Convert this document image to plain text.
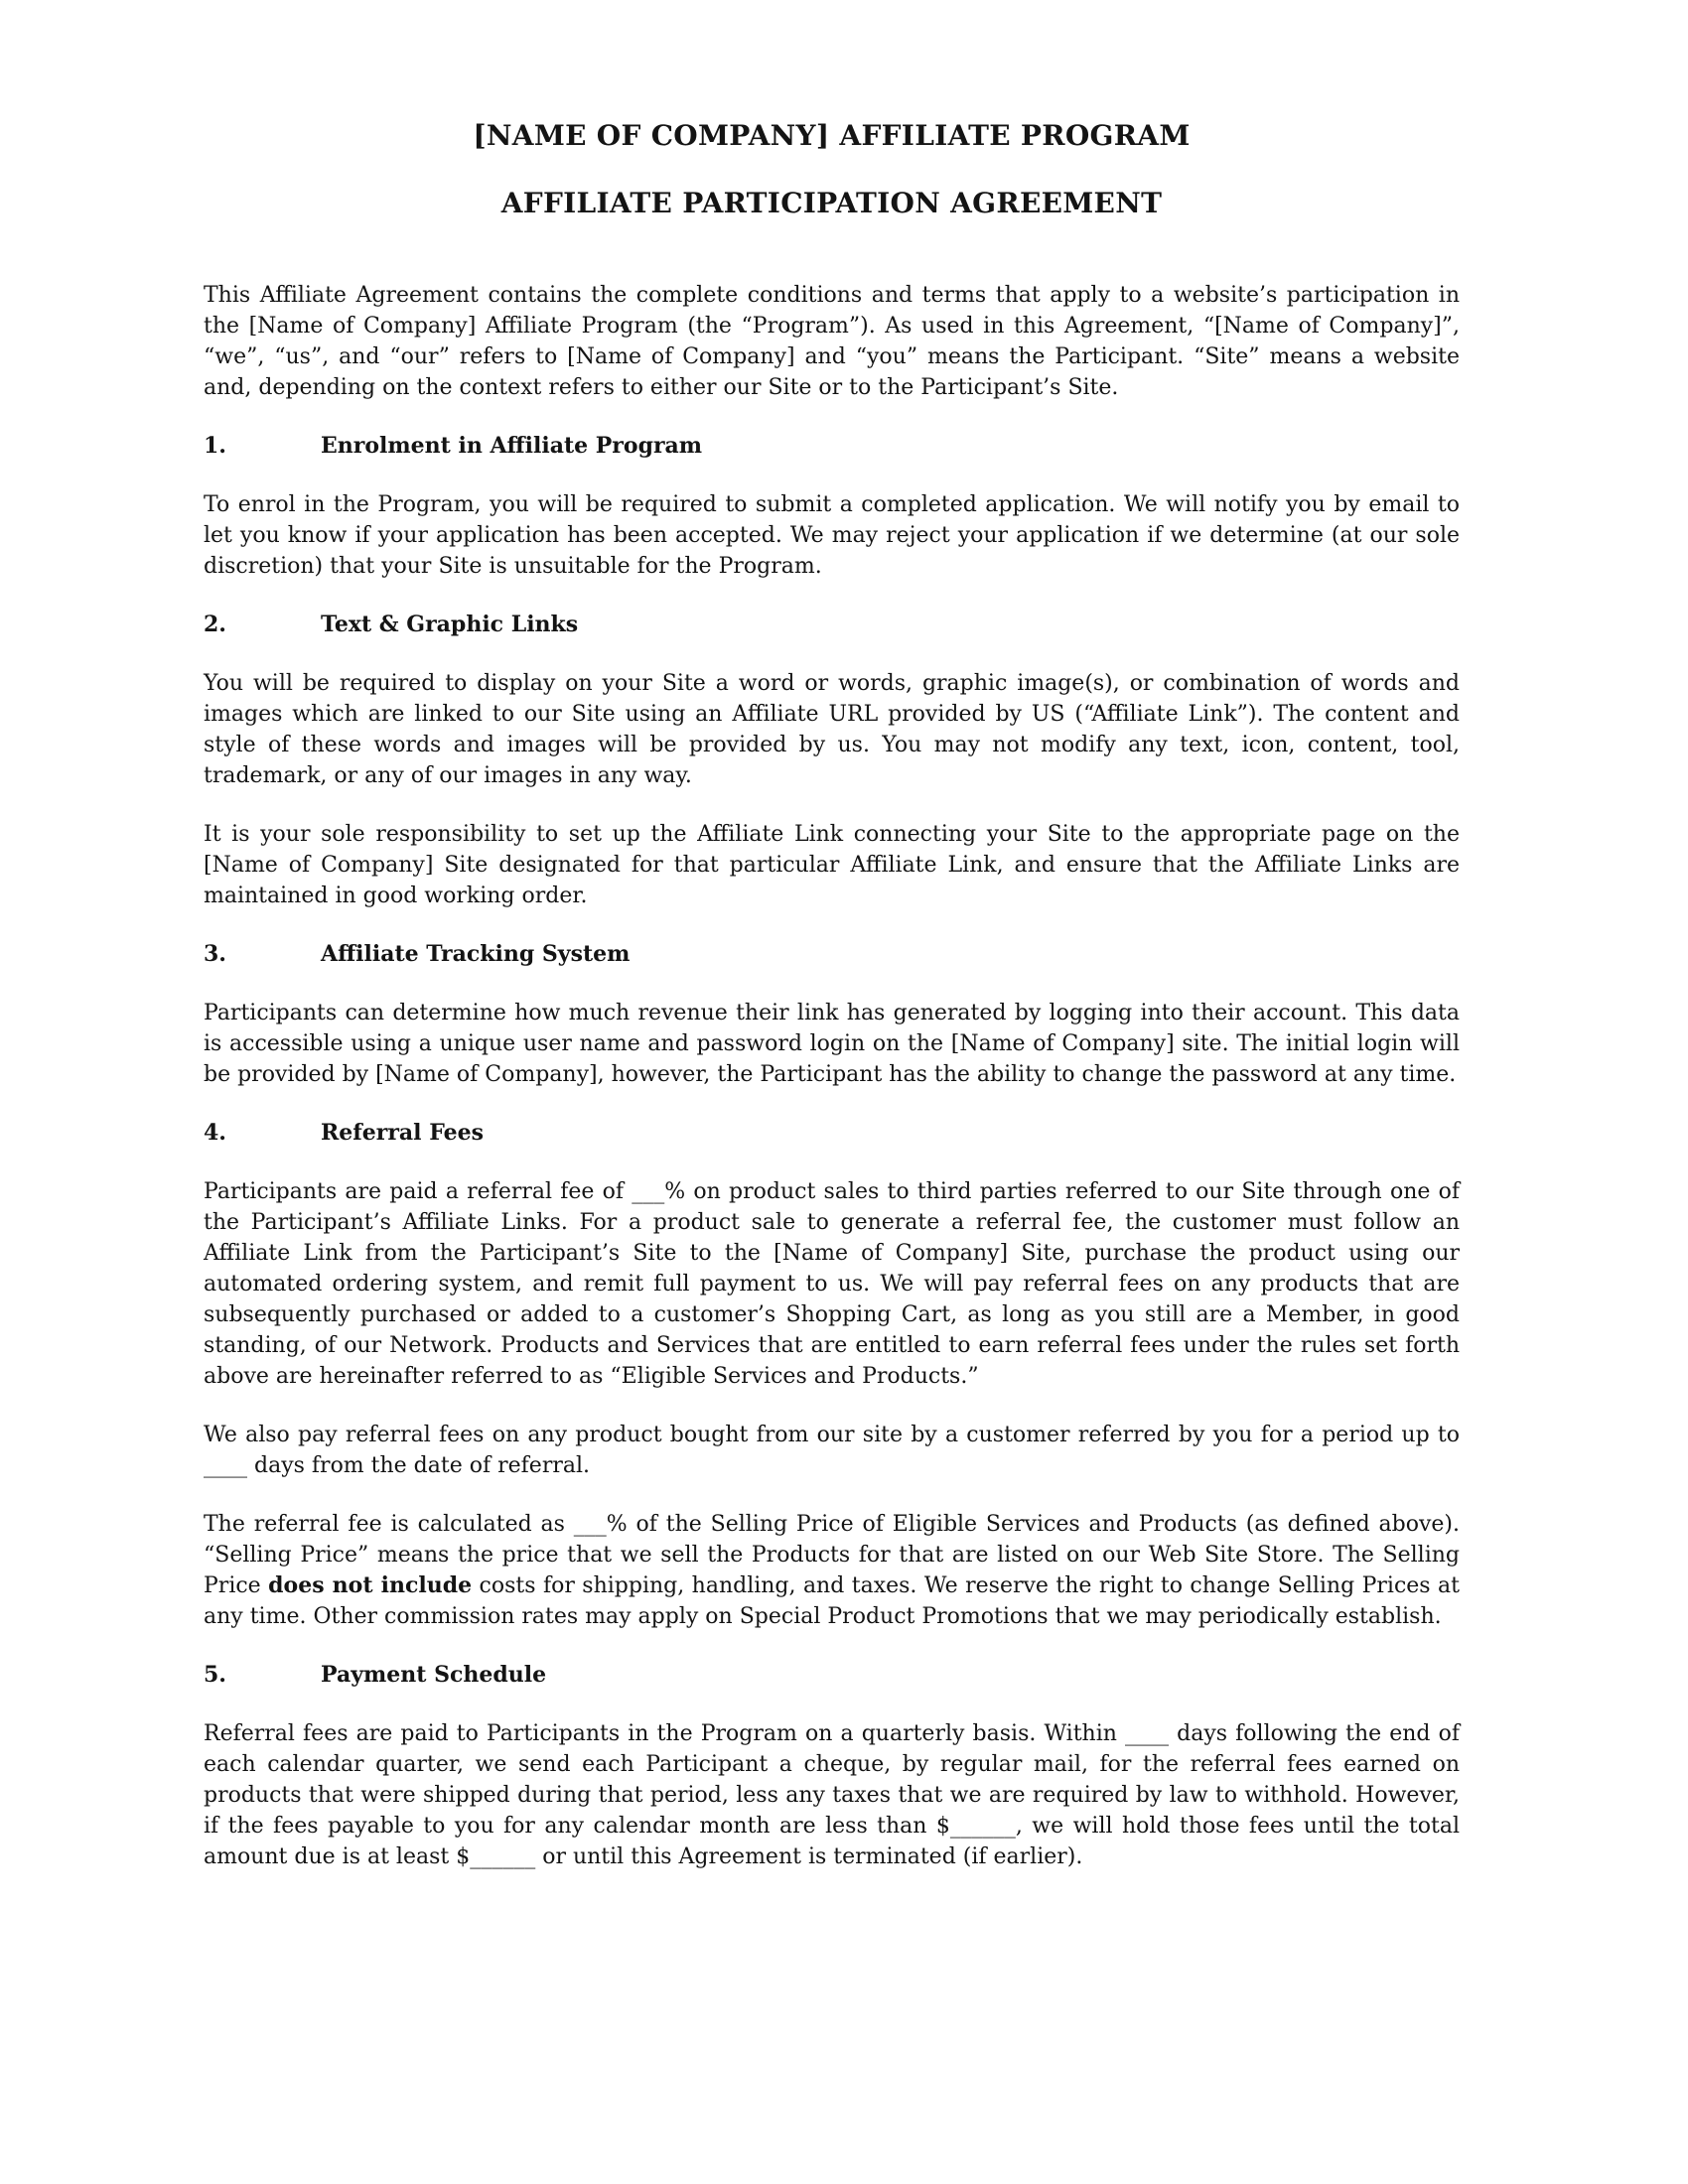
[NAME OF COMPANY] AFFILIATE PROGRAM
AFFILIATE PARTICIPATION AGREEMENT

This Affiliate Agreement contains the complete conditions and terms that apply to a website’s participation in the [Name of Company] Affiliate Program (the “Program”). As used in this Agreement, “[Name of Company]”, “we”, “us”, and “our” refers to [Name of Company] and “you” means the Participant. “Site” means a website and, depending on the context refers to either our Site or to the Participant’s Site.

1.	Enrolment in Affiliate Program

To enrol in the Program, you will be required to submit a completed application. We will notify you by email to let you know if your application has been accepted. We may reject your application if we determine (at our sole discretion) that your Site is unsuitable for the Program.

2.	Text & Graphic Links

You will be required to display on your Site a word or words, graphic image(s), or combination of words and images which are linked to our Site using an Affiliate URL provided by US (“Affiliate Link”). The content and style of these words and images will be provided by us. You may not modify any text, icon, content, tool, trademark, or any of our images in any way.

It is your sole responsibility to set up the Affiliate Link connecting your Site to the appropriate page on the [Name of Company] Site designated for that particular Affiliate Link, and ensure that the Affiliate Links are maintained in good working order.

3.	Affiliate Tracking System

Participants can determine how much revenue their link has generated by logging into their account. This data is accessible using a unique user name and password login on the [Name of Company] site. The initial login will be provided by [Name of Company], however, the Participant has the ability to change the password at any time.

4.	Referral Fees

Participants are paid a referral fee of ___% on product sales to third parties referred to our Site through one of the Participant’s Affiliate Links. For a product sale to generate a referral fee, the customer must follow an Affiliate Link from the Participant’s Site to the [Name of Company] Site, purchase the product using our automated ordering system, and remit full payment to us. We will pay referral fees on any products that are subsequently purchased or added to a customer’s Shopping Cart, as long as you still are a Member, in good standing, of our Network. Products and Services that are entitled to earn referral fees under the rules set forth above are hereinafter referred to as “Eligible Services and Products.”

We also pay referral fees on any product bought from our site by a customer referred by you for a period up to ____ days from the date of referral.

The referral fee is calculated as ___% of the Selling Price of Eligible Services and Products (as defined above). “Selling Price” means the price that we sell the Products for that are listed on our Web Site Store. The Selling Price does not include costs for shipping, handling, and taxes. We reserve the right to change Selling Prices at any time. Other commission rates may apply on Special Product Promotions that we may periodically establish.

5.	Payment Schedule

Referral fees are paid to Participants in the Program on a quarterly basis. Within ____ days following the end of each calendar quarter, we send each Participant a cheque, by regular mail, for the referral fees earned on products that were shipped during that period, less any taxes that we are required by law to withhold. However, if the fees payable to you for any calendar month are less than $______, we will hold those fees until the total amount due is at least $______ or until this Agreement is terminated (if earlier).
